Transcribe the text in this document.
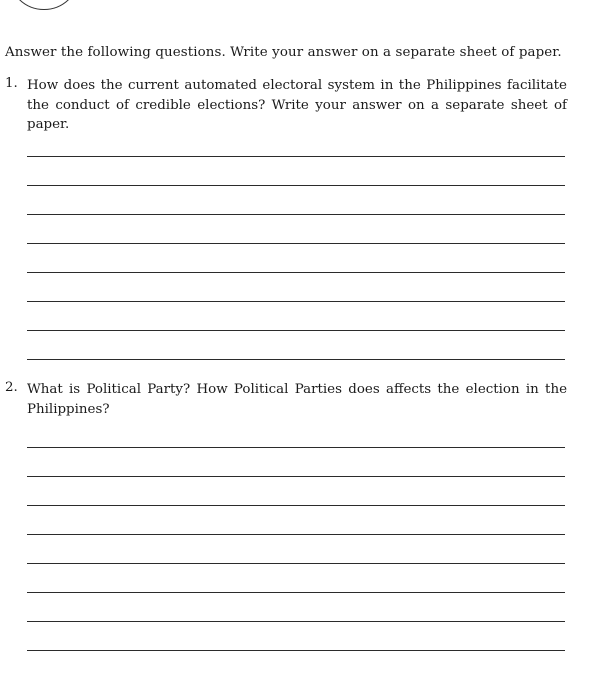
Answer the following questions. Write your answer on a separate sheet of paper.
1. How does the current automated electoral system in the Philippines facilitate the conduct of credible elections? Write your answer on a separate sheet of paper.
2. What is Political Party? How Political Parties does affects the election in the Philippines?
